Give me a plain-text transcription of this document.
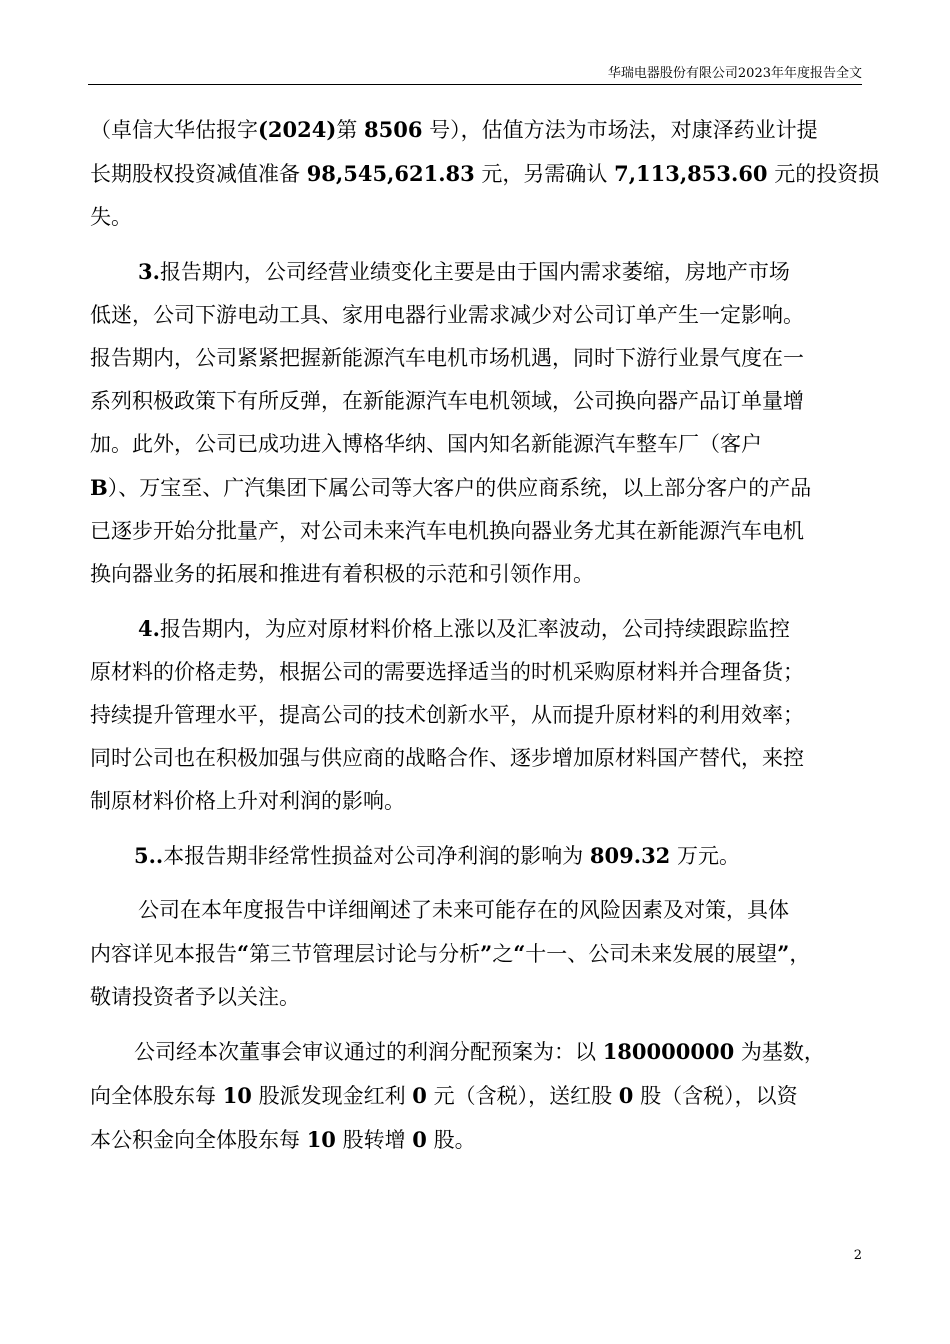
华瑞电器股份有限公司2023年年度报告全文
（卓信大华估报字(2024)第 8506 号），估值方法为市场法，对康泽药业计提
长期股权投资减值准备 98,545,621.83 元，另需确认 7,113,853.60 元的投资损
失。
3.报告期内，公司经营业绩变化主要是由于国内需求萎缩，房地产市场
低迷，公司下游电动工具、家用电器行业需求减少对公司订单产生一定影响。
报告期内，公司紧紧把握新能源汽车电机市场机遇，同时下游行业景气度在一
系列积极政策下有所反弹，在新能源汽车电机领域，公司换向器产品订单量增
加。此外，公司已成功进入博格华纳、国内知名新能源汽车整车厂（客户
B）、万宝至、广汽集团下属公司等大客户的供应商系统，以上部分客户的产品
已逐步开始分批量产，对公司未来汽车电机换向器业务尤其在新能源汽车电机
换向器业务的拓展和推进有着积极的示范和引领作用。
4.报告期内，为应对原材料价格上涨以及汇率波动，公司持续跟踪监控
原材料的价格走势，根据公司的需要选择适当的时机采购原材料并合理备货；
持续提升管理水平，提高公司的技术创新水平，从而提升原材料的利用效率；
同时公司也在积极加强与供应商的战略合作、逐步增加原材料国产替代，来控
制原材料价格上升对利润的影响。
5..本报告期非经常性损益对公司净利润的影响为 809.32 万元。
公司在本年度报告中详细阐述了未来可能存在的风险因素及对策，具体
内容详见本报告“第三节管理层讨论与分析”之“十一、公司未来发展的展望”，
敬请投资者予以关注。
公司经本次董事会审议通过的利润分配预案为：以 180000000 为基数，
向全体股东每 10 股派发现金红利 0 元（含税），送红股 0 股（含税），以资
本公积金向全体股东每 10 股转增 0 股。
2
